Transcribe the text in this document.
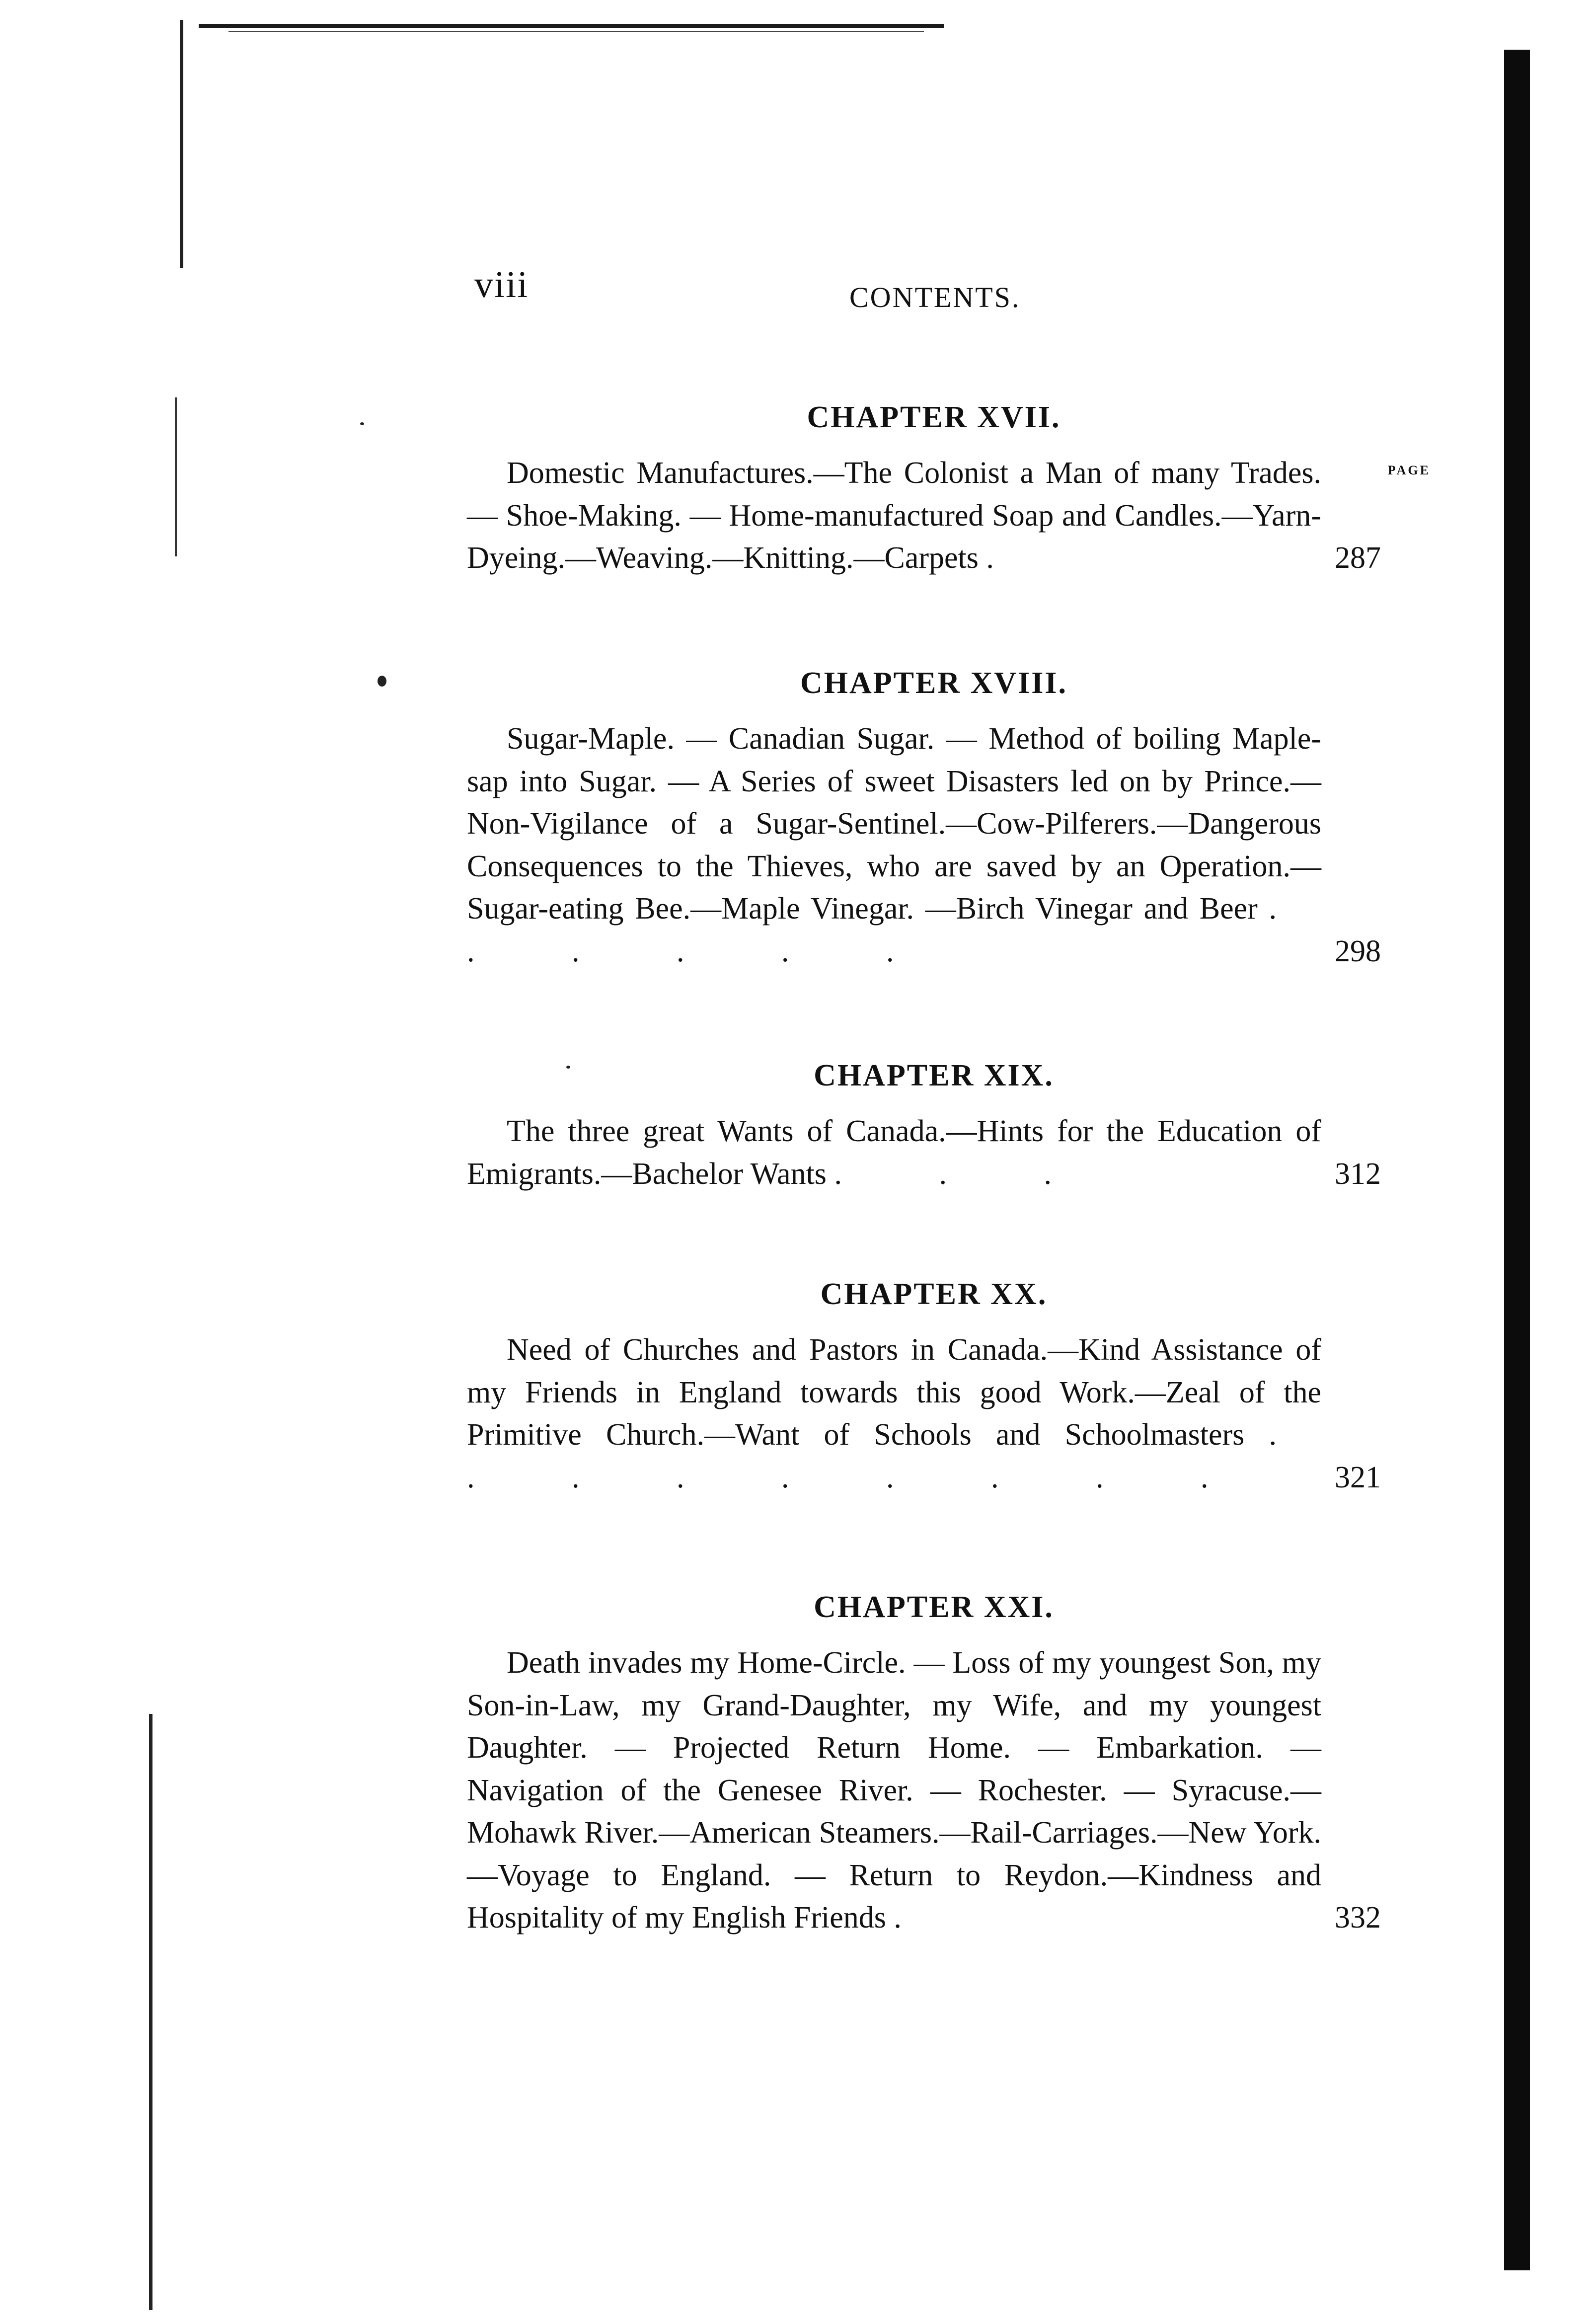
viii	CONTENTS.
CHAPTER XVII.
PAGE

Domestic Manufactures.—The Colonist a Man of many Trades. — Shoe-Making. — Home-manufactured Soap and Candles.—Yarn-Dyeing.—Weaving.—Knitting.—Carpets .	287

CHAPTER XVIII.

Sugar-Maple. — Canadian Sugar. — Method of boiling Maple-sap into Sugar. — A Series of sweet Disasters led on by Prince.—Non-Vigilance of a Sugar-Sentinel.—Cow-Pilferers.—Dangerous Consequences to the Thieves, who are saved by an Operation.—Sugar-eating Bee.—Maple Vinegar. —Birch Vinegar and Beer . . . . . .	298

CHAPTER XIX.

The three great Wants of Canada.—Hints for the Education of Emigrants.—Bachelor Wants . . .	312

CHAPTER XX.

Need of Churches and Pastors in Canada.—Kind Assistance of my Friends in England towards this good Work.—Zeal of the Primitive Church.—Want of Schools and Schoolmasters . . . . . . . . .	321

CHAPTER XXI.

Death invades my Home-Circle. — Loss of my youngest Son, my Son-in-Law, my Grand-Daughter, my Wife, and my youngest Daughter. — Projected Return Home. — Embarkation. — Navigation of the Genesee River. — Rochester. — Syracuse.—Mohawk River.—American Steamers.—Rail-Carriages.—New York.—Voyage to England. — Return to Reydon.—Kindness and Hospitality of my English Friends .	332
